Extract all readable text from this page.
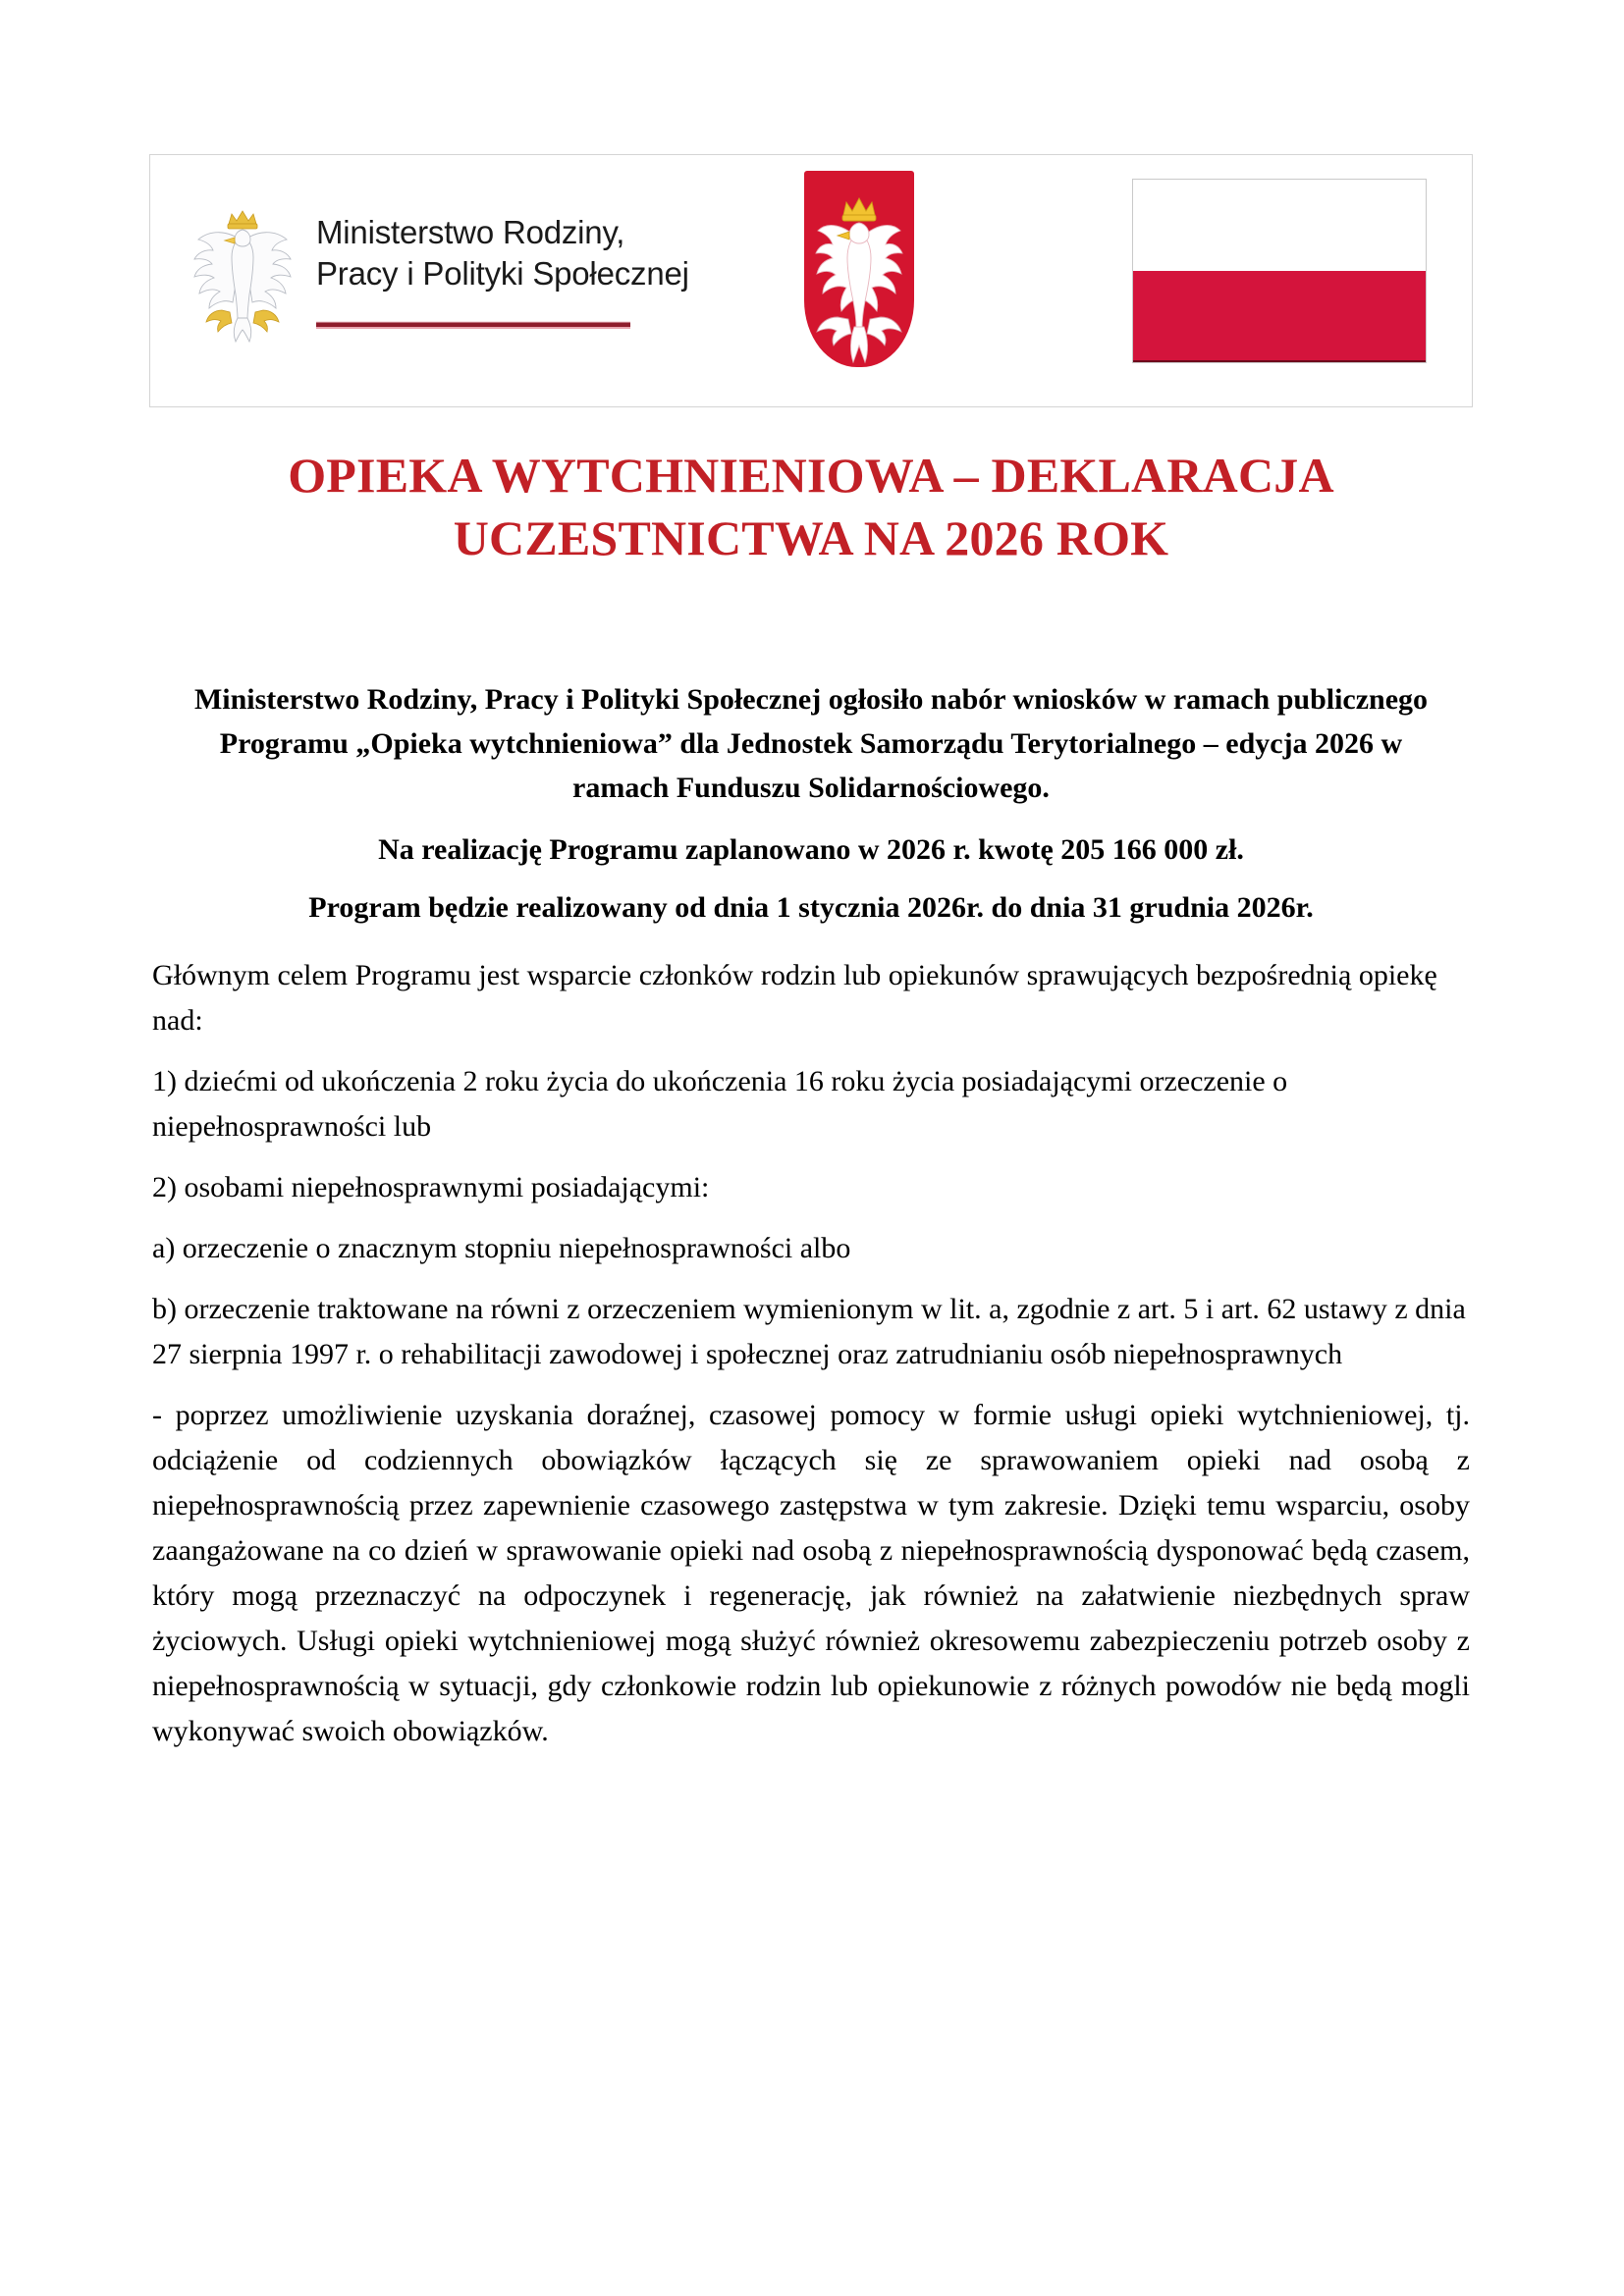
Ministerstwo Rodziny,
Pracy i Polityki Społecznej
OPIEKA WYTCHNIENIOWA – DEKLARACJA
UCZESTNICTWA NA 2026 ROK

Ministerstwo Rodziny, Pracy i Polityki Społecznej ogłosiło nabór wniosków w ramach publicznego Programu „Opieka wytchnieniowa” dla Jednostek Samorządu Terytorialnego – edycja 2026 w ramach Funduszu Solidarnościowego.

Na realizację Programu zaplanowano w 2026 r. kwotę 205 166 000 zł.

Program będzie realizowany od dnia 1 stycznia 2026r. do dnia 31 grudnia 2026r.

Głównym celem Programu jest wsparcie członków rodzin lub opiekunów sprawujących bezpośrednią opiekę nad:

1) dziećmi od ukończenia 2 roku życia do ukończenia 16 roku życia posiadającymi orzeczenie o niepełnosprawności lub

2) osobami niepełnosprawnymi posiadającymi:

a) orzeczenie o znacznym stopniu niepełnosprawności albo

b) orzeczenie traktowane na równi z orzeczeniem wymienionym w lit. a, zgodnie z art. 5 i art. 62 ustawy z dnia 27 sierpnia 1997 r. o rehabilitacji zawodowej i społecznej oraz zatrudnianiu osób niepełnosprawnych

- poprzez umożliwienie uzyskania doraźnej, czasowej pomocy w formie usługi opieki wytchnieniowej, tj. odciążenie od codziennych obowiązków łączących się ze sprawowaniem opieki nad osobą z niepełnosprawnością przez zapewnienie czasowego zastępstwa w tym zakresie. Dzięki temu wsparciu, osoby zaangażowane na co dzień w sprawowanie opieki nad osobą z niepełnosprawnością dysponować będą czasem, który mogą przeznaczyć na odpoczynek i regenerację, jak również na załatwienie niezbędnych spraw życiowych. Usługi opieki wytchnieniowej mogą służyć również okresowemu zabezpieczeniu potrzeb osoby z niepełnosprawnością w sytuacji, gdy członkowie rodzin lub opiekunowie z różnych powodów nie będą mogli wykonywać swoich obowiązków.
